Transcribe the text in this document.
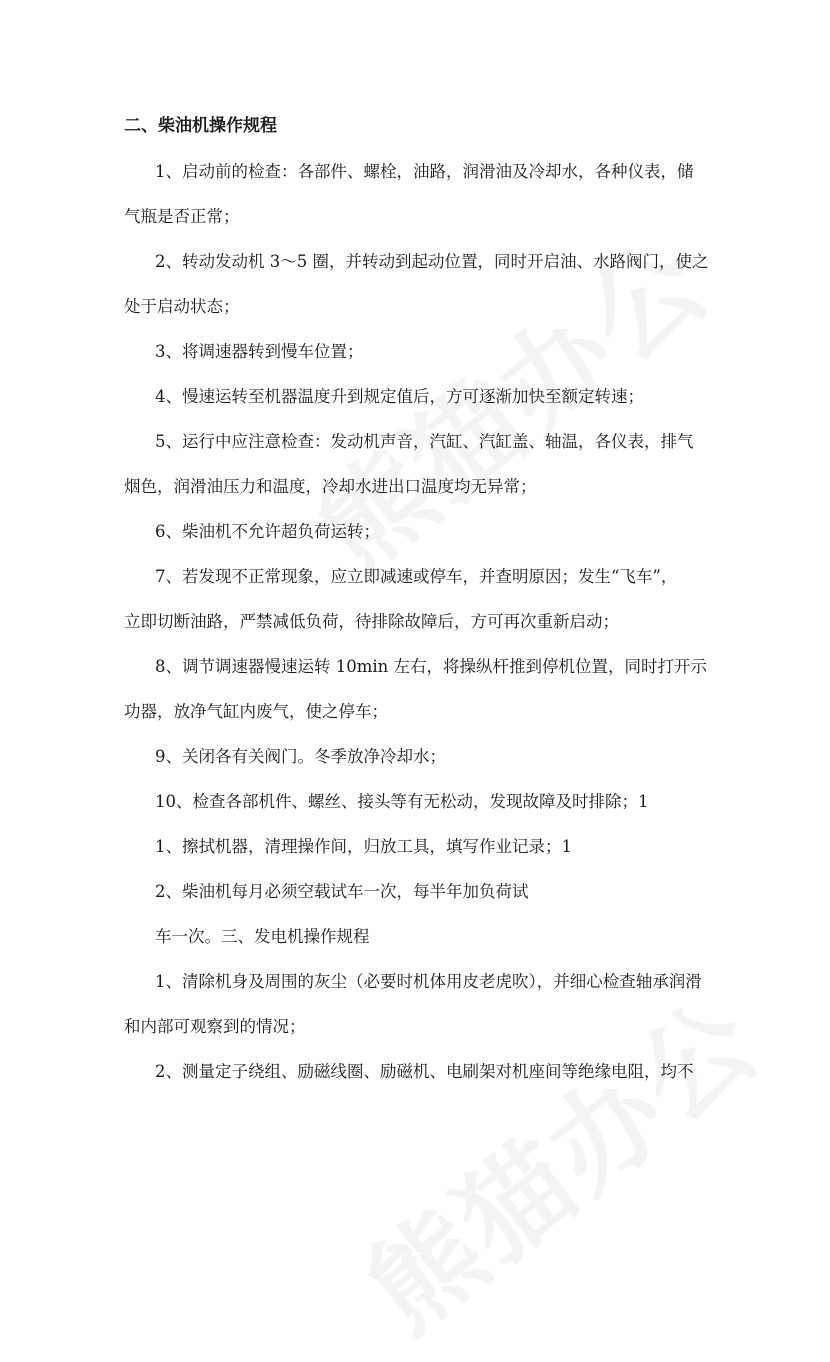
二、柴油机操作规程
1、启动前的检查：各部件、螺栓，油路，润滑油及冷却水，各种仪表，储
气瓶是否正常；
2、转动发动机 3～5 圈，并转动到起动位置，同时开启油、水路阀门，使之
处于启动状态；
3、将调速器转到慢车位置；
4、慢速运转至机器温度升到规定值后，方可逐渐加快至额定转速；
5、运行中应注意检查：发动机声音，汽缸、汽缸盖、轴温，各仪表，排气
烟色，润滑油压力和温度，冷却水进出口温度均无异常；
6、柴油机不允许超负荷运转；
7、若发现不正常现象，应立即减速或停车，并查明原因；发生“飞车”，
立即切断油路，严禁减低负荷，待排除故障后，方可再次重新启动；
8、调节调速器慢速运转 10min 左右，将操纵杆推到停机位置，同时打开示
功器，放净气缸内废气，使之停车；
9、关闭各有关阀门。冬季放净冷却水；
10、检查各部机件、螺丝、接头等有无松动，发现故障及时排除；1
1、擦拭机器，清理操作间，归放工具，填写作业记录；1
2、柴油机每月必须空载试车一次，每半年加负荷试
车一次。三、发电机操作规程
1、清除机身及周围的灰尘（必要时机体用皮老虎吹），并细心检查轴承润滑
和内部可观察到的情况；
2、测量定子绕组、励磁线圈、励磁机、电刷架对机座间等绝缘电阻，均不
